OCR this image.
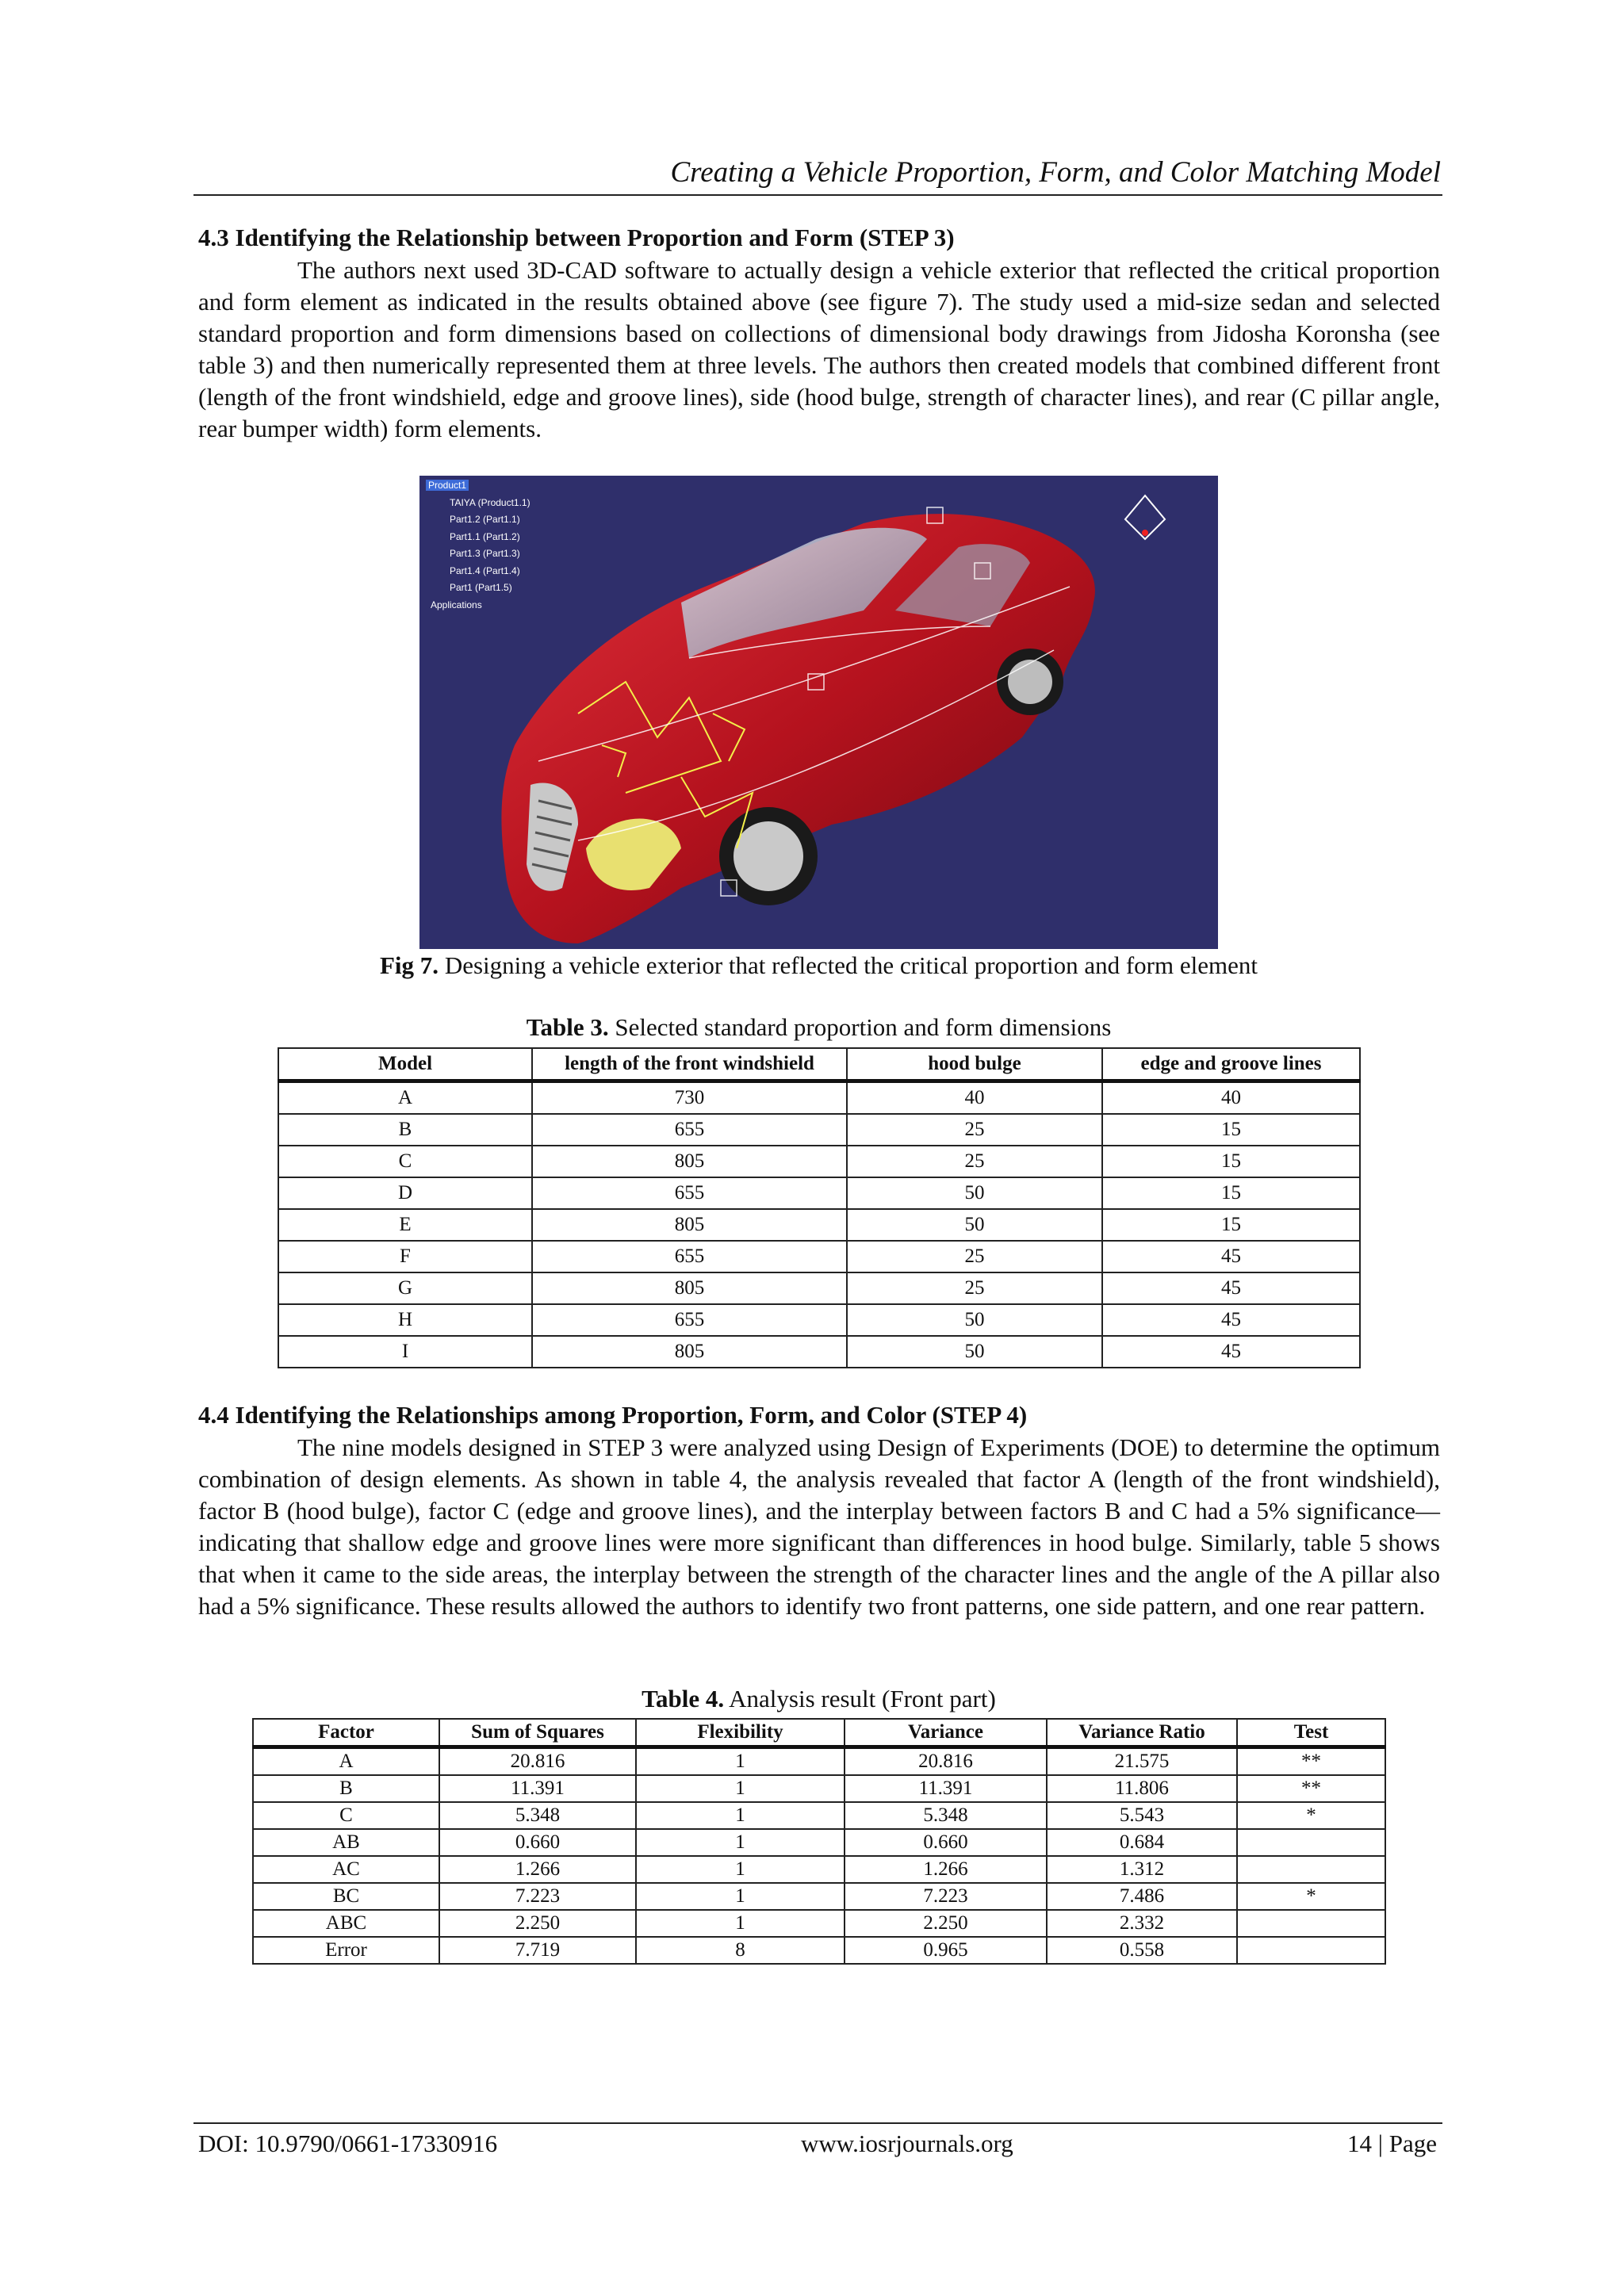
Creating a Vehicle Proportion, Form, and Color Matching Model
4.3 Identifying the Relationship between Proportion and Form (STEP 3)
The authors next used 3D-CAD software to actually design a vehicle exterior that reflected the critical proportion and form element as indicated in the results obtained above (see figure 7). The study used a mid-size sedan and selected standard proportion and form dimensions based on collections of dimensional body drawings from Jidosha Koronsha (see table 3) and then numerically represented them at three levels. The authors then created models that combined different front (length of the front windshield, edge and groove lines), side (hood bulge, strength of character lines), and rear (C pillar angle, rear bumper width) form elements.
Product1
TAIYA (Product1.1)
Part1.2 (Part1.1)
Part1.1 (Part1.2)
Part1.3 (Part1.3)
Part1.4 (Part1.4)
Part1 (Part1.5)
Applications
Fig 7. Designing a vehicle exterior that reflected the critical proportion and form element
Table 3. Selected standard proportion and form dimensions
Model	length of the front windshield	hood bulge	edge and groove lines
A	730	40	40
B	655	25	15
C	805	25	15
D	655	50	15
E	805	50	15
F	655	25	45
G	805	25	45
H	655	50	45
I	805	50	45
4.4 Identifying the Relationships among Proportion, Form, and Color (STEP 4)
The nine models designed in STEP 3 were analyzed using Design of Experiments (DOE) to determine the optimum combination of design elements. As shown in table 4, the analysis revealed that factor A (length of the front windshield), factor B (hood bulge), factor C (edge and groove lines), and the interplay between factors B and C had a 5% significance—indicating that shallow edge and groove lines were more significant than differences in hood bulge. Similarly, table 5 shows that when it came to the side areas, the interplay between the strength of the character lines and the angle of the A pillar also had a 5% significance. These results allowed the authors to identify two front patterns, one side pattern, and one rear pattern.
Table 4. Analysis result (Front part)
Factor	Sum of Squares	Flexibility	Variance	Variance Ratio	Test
A	20.816	1	20.816	21.575	**
B	11.391	1	11.391	11.806	**
C	5.348	1	5.348	5.543	*
AB	0.660	1	0.660	0.684	
AC	1.266	1	1.266	1.312	
BC	7.223	1	7.223	7.486	*
ABC	2.250	1	2.250	2.332	
Error	7.719	8	0.965	0.558	
DOI: 10.9790/0661-17330916	www.iosrjournals.org	14 | Page
